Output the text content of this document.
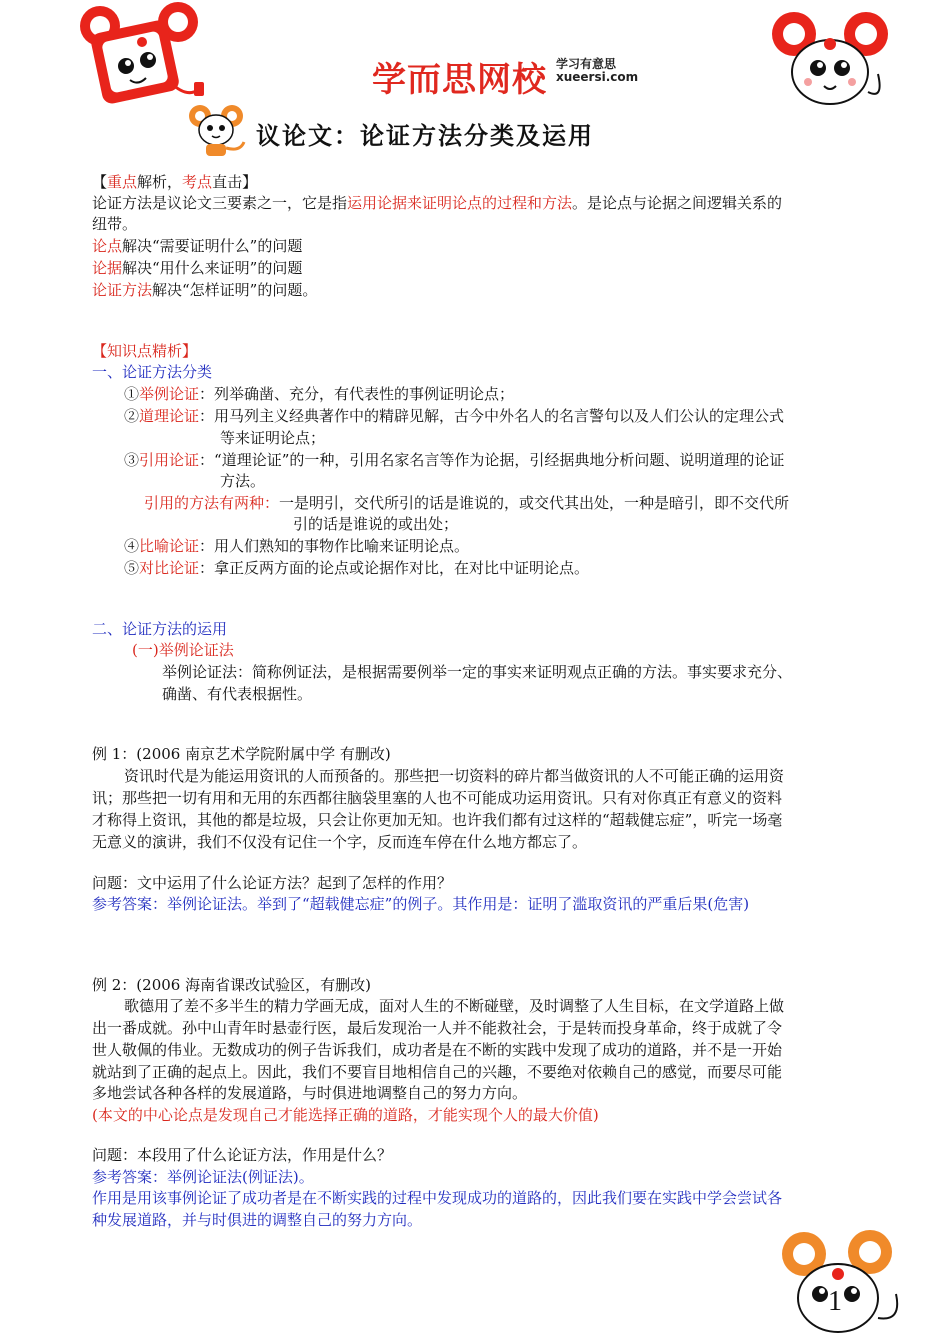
学而思网校 学习有意思
xueersi.com
议论文：论证方法分类及运用
【重点解析，考点直击】
论证方法是议论文三要素之一，它是指运用论据来证明论点的过程和方法。是论点与论据之间逻辑关系的
纽带。
论点解决“需要证明什么”的问题
论据解决“用什么来证明”的问题
论证方法解决“怎样证明”的问题。
【知识点精析】
一、论证方法分类
①举例论证：列举确凿、充分，有代表性的事例证明论点；
②道理论证：用马列主义经典著作中的精辟见解，古今中外名人的名言警句以及人们公认的定理公式
等来证明论点；
③引用论证：“道理论证”的一种，引用名家名言等作为论据，引经据典地分析问题、说明道理的论证
方法。
引用的方法有两种：一是明引，交代所引的话是谁说的，或交代其出处，一种是暗引，即不交代所
引的话是谁说的或出处；
④比喻论证：用人们熟知的事物作比喻来证明论点。
⑤对比论证：拿正反两方面的论点或论据作对比，在对比中证明论点。
二、论证方法的运用
(一)举例论证法
举例论证法：简称例证法，是根据需要例举一定的事实来证明观点正确的方法。事实要求充分、
确凿、有代表根据性。
例 1：(2006 南京艺术学院附属中学 有删改)
资讯时代是为能运用资讯的人而预备的。那些把一切资料的碎片都当做资讯的人不可能正确的运用资
讯；那些把一切有用和无用的东西都往脑袋里塞的人也不可能成功运用资讯。只有对你真正有意义的资料
才称得上资讯，其他的都是垃圾，只会让你更加无知。也许我们都有过这样的“超载健忘症”，听完一场毫
无意义的演讲，我们不仅没有记住一个字，反而连车停在什么地方都忘了。
问题：文中运用了什么论证方法？起到了怎样的作用？
参考答案：举例论证法。举到了“超载健忘症”的例子。其作用是：证明了滥取资讯的严重后果(危害)
例 2：(2006 海南省课改试验区，有删改)
歌德用了差不多半生的精力学画无成，面对人生的不断碰壁，及时调整了人生目标，在文学道路上做
出一番成就。孙中山青年时悬壶行医，最后发现治一人并不能救社会，于是转而投身革命，终于成就了令
世人敬佩的伟业。无数成功的例子告诉我们，成功者是在不断的实践中发现了成功的道路，并不是一开始
就站到了正确的起点上。因此，我们不要盲目地相信自己的兴趣，不要绝对依赖自己的感觉，而要尽可能
多地尝试各种各样的发展道路，与时俱进地调整自己的努力方向。
(本文的中心论点是发现自己才能选择正确的道路，才能实现个人的最大价值)
问题：本段用了什么论证方法，作用是什么？
参考答案：举例论证法(例证法)。
作用是用该事例论证了成功者是在不断实践的过程中发现成功的道路的，因此我们要在实践中学会尝试各
种发展道路，并与时俱进的调整自己的努力方向。
1
